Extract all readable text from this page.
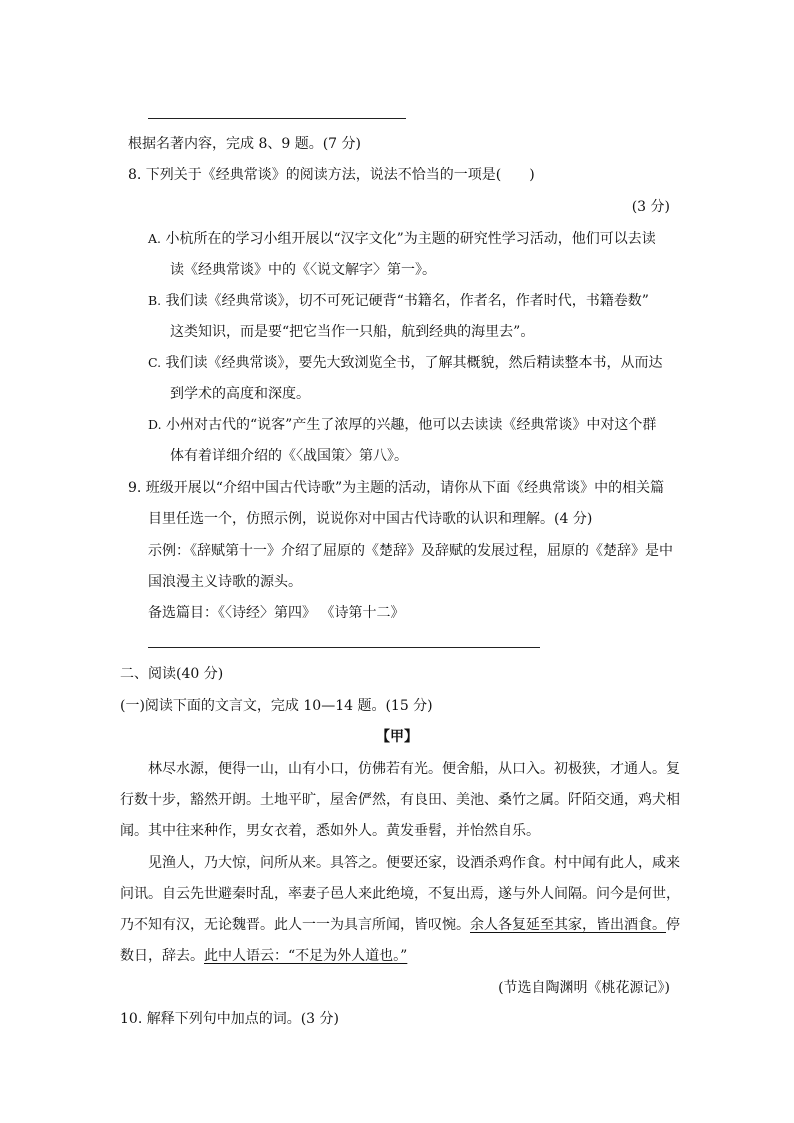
根据名著内容，完成 8、9 题。(7 分)
8. 下列关于《经典常谈》的阅读方法，说法不恰当的一项是(　　)
(3 分)
A. 小杭所在的学习小组开展以“汉字文化”为主题的研究性学习活动，他们可以去读
读《经典常谈》中的《〈说文解字〉第一》。
B. 我们读《经典常谈》，切不可死记硬背“书籍名，作者名，作者时代，书籍卷数”
这类知识，而是要“把它当作一只船，航到经典的海里去”。
C. 我们读《经典常谈》，要先大致浏览全书，了解其概貌，然后精读整本书，从而达
到学术的高度和深度。
D. 小州对古代的“说客”产生了浓厚的兴趣，他可以去读读《经典常谈》中对这个群
体有着详细介绍的《〈战国策〉第八》。
9. 班级开展以“介绍中国古代诗歌”为主题的活动，请你从下面《经典常谈》中的相关篇
目里任选一个，仿照示例，说说你对中国古代诗歌的认识和理解。(4 分)
示例：《辞赋第十一》介绍了屈原的《楚辞》及辞赋的发展过程，屈原的《楚辞》是中
国浪漫主义诗歌的源头。
备选篇目：《〈诗经〉第四》 《诗第十二》
二、阅读(40 分)
(一)阅读下面的文言文，完成 10—14 题。(15 分)
【甲】
林尽水源，便得一山，山有小口，仿佛若有光。便舍船，从口入。初极狭，才通人。复
行数十步，豁然开朗。土地平旷，屋舍俨然，有良田、美池、桑竹之属。阡陌交通，鸡犬相
闻。其中往来种作，男女衣着，悉如外人。黄发垂髫，并怡然自乐。
见渔人，乃大惊，问所从来。具答之。便要还家，设酒杀鸡作食。村中闻有此人，咸来
问讯。自云先世避秦时乱，率妻子邑人来此绝境，不复出焉，遂与外人间隔。问今是何世，
乃不知有汉，无论魏晋。此人一一为具言所闻，皆叹惋。余人各复延至其家，皆出酒食。停
数日，辞去。此中人语云：“不足为外人道也。”
(节选自陶渊明《桃花源记》)
10. 解释下列句中加点的词。(3 分)
